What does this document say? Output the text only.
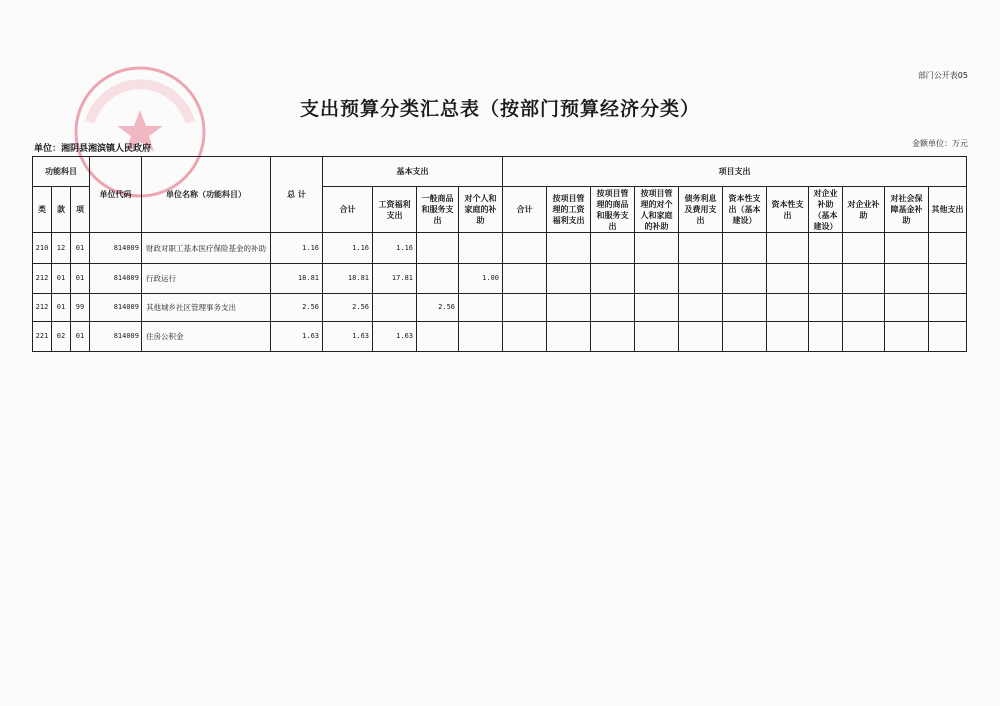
部门公开表05
支出预算分类汇总表（按部门预算经济分类）
单位：湘阴县湘滨镇人民政府
金额单位：万元
功能科目			单位代码	单位名称（功能科目）	总 计	基本支出				项目支出										
类	款	项				合计	工资福利支出	一般商品和服务支出	对个人和家庭的补助	合计	按项目管理的工资福利支出	按项目管理的商品和服务支出	按项目管理的对个人和家庭的补助	债务利息及费用支出	资本性支出（基本建设）	资本性支出	对企业补助（基本建设）	对企业补助	对社会保障基金补助	其他支出
210	12	01	814009	财政对职工基本医疗保险基金的补助	1.16	1.16	1.16													
212	01	01	814009	行政运行	18.81	18.81	17.81		1.00											
212	01	99	814009	其他城乡社区管理事务支出	2.56	2.56		2.56												
221	02	01	814009	住房公积金	1.63	1.63	1.63													
